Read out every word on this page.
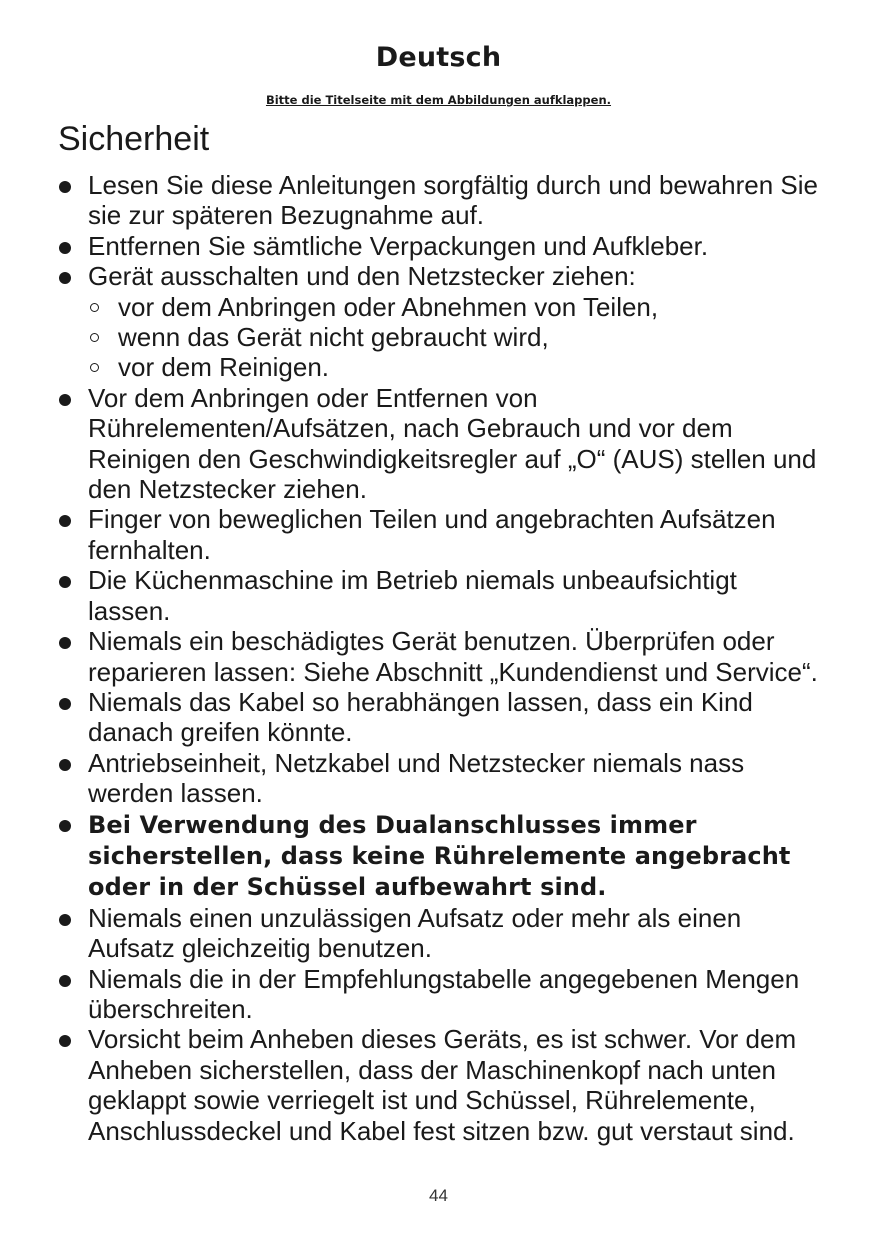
Deutsch

Bitte die Titelseite mit dem Abbildungen aufklappen.

Sicherheit
Lesen Sie diese Anleitungen sorgfältig durch und bewahren Sie sie zur späteren Bezugnahme auf.
Entfernen Sie sämtliche Verpackungen und Aufkleber.
Gerät ausschalten und den Netzstecker ziehen:
vor dem Anbringen oder Abnehmen von Teilen,
wenn das Gerät nicht gebraucht wird,
vor dem Reinigen.
Vor dem Anbringen oder Entfernen von Rührelementen/Aufsätzen, nach Gebrauch und vor dem Reinigen den Geschwindigkeitsregler auf „O“ (AUS) stellen und den Netzstecker ziehen.
Finger von beweglichen Teilen und angebrachten Aufsätzen fernhalten.
Die Küchenmaschine im Betrieb niemals unbeaufsichtigt lassen.
Niemals ein beschädigtes Gerät benutzen. Überprüfen oder reparieren lassen: Siehe Abschnitt „Kundendienst und Service“.
Niemals das Kabel so herabhängen lassen, dass ein Kind danach greifen könnte.
Antriebseinheit, Netzkabel und Netzstecker niemals nass werden lassen.
Bei Verwendung des Dualanschlusses immer sicherstellen, dass keine Rührelemente angebracht oder in der Schüssel aufbewahrt sind.
Niemals einen unzulässigen Aufsatz oder mehr als einen Aufsatz gleichzeitig benutzen.
Niemals die in der Empfehlungstabelle angegebenen Mengen überschreiten.
Vorsicht beim Anheben dieses Geräts, es ist schwer. Vor dem Anheben sicherstellen, dass der Maschinenkopf nach unten geklappt sowie verriegelt ist und Schüssel, Rührelemente, Anschlussdeckel und Kabel fest sitzen bzw. gut verstaut sind.
44
